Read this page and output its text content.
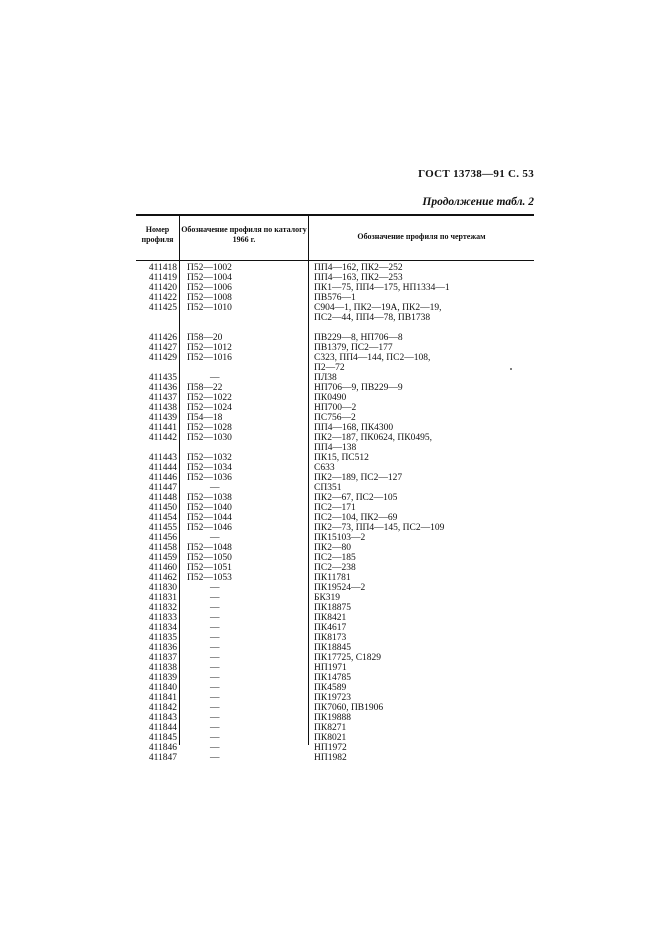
ГОСТ 13738—91 С. 53
Продолжение табл. 2
Номер профиля
Обозначение профиля по каталогу 1966 г.	Обозначение профиля по чертежам
411418 П52—1002	ПП4—162, ПК2—252
411419 П52—1004	ПП4—163, ПК2—253
411420 П52—1006	ПК1—75, ПП4—175, НП1334—1
411422 П52—1008	ПВ576—1
411425 П52—1010	С904—1, ПК2—19А, ПК2—19,
ПС2—44, ПП4—78, ПВ1738
411426 П58—20	ПВ229—8, НП706—8
411427 П52—1012	ПВ1379, ПС2—177
411429 П52—1016	С323, ПП4—144, ПС2—108,
П2—72
411435	—	ПЛ38
411436 П58—22	НП706—9, ПВ229—9
411437 П52—1022	ПК0490
411438 П52—1024	НП700—2
411439 П54—18	ПС756—2
411441 П52—1028	ПП4—168, ПК4300
411442 П52—1030	ПК2—187, ПК0624, ПК0495,
ПП4—138
411443 П52—1032	ПК15, ПС512
411444 П52—1034	С633
411446 П52—1036	ПК2—189, ПС2—127
411447	—	СП351
411448 П52—1038	ПК2—67, ПС2—105
411450 П52—1040	ПС2—171
411454 П52—1044	ПС2—104, ПК2—69
411455 П52—1046	ПК2—73, ПП4—145, ПС2—109
411456	—	ПК15103—2
411458 П52—1048	ПК2—80
411459 П52—1050	ПС2—185
411460 П52—1051	ПС2—238
411462 П52—1053	ПК11781
411830	—	ПК19524—2
411831	—	БК319
411832	—	ПК18875
411833	—	ПК8421
411834	—	ПК4617
411835	—	ПК8173
411836	—	ПК18845
411837	—	ПК17725, С1829
411838	—	НП1971
411839	—	ПК14785
411840	—	ПК4589
411841	—	ПК19723
411842	—	ПК7060, ПВ1906
411843	—	ПК19888
411844	—	ПК8271
411845	—	ПК8021
411846	—	НП1972
411847	—	НП1982
